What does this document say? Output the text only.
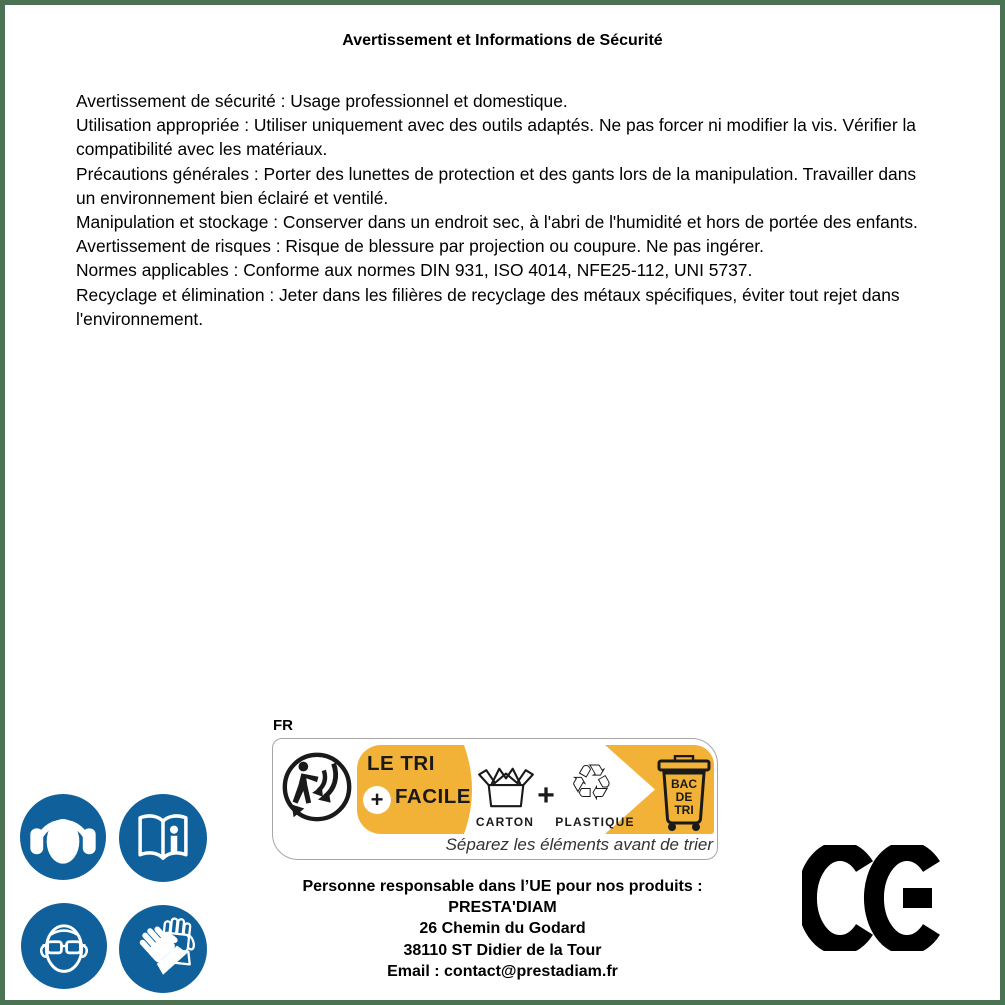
Avertissement et Informations de Sécurité

Avertissement de sécurité : Usage professionnel et domestique.

Utilisation appropriée : Utiliser uniquement avec des outils adaptés. Ne pas forcer ni modifier la vis. Vérifier la compatibilité avec les matériaux.

Précautions générales : Porter des lunettes de protection et des gants lors de la manipulation. Travailler dans un environnement bien éclairé et ventilé.

Manipulation et stockage : Conserver dans un endroit sec, à l'abri de l'humidité et hors de portée des enfants.

Avertissement de risques : Risque de blessure par projection ou coupure. Ne pas ingérer.

Normes applicables : Conforme aux normes DIN 931, ISO 4014, NFE25-112, UNI 5737.

Recyclage et élimination : Jeter dans les filières de recyclage des métaux spécifiques, éviter tout rejet dans l'environnement.

FR
LE TRI
+ FACILE
CARTON
+ ♲
PLASTIQUE
BAC
DE
TRI
Séparez les éléments avant de trier
Personne responsable dans l’UE pour nos produits :
PRESTA'DIAM
26 Chemin du Godard
38110 ST Didier de la Tour
Email : contact@prestadiam.fr
